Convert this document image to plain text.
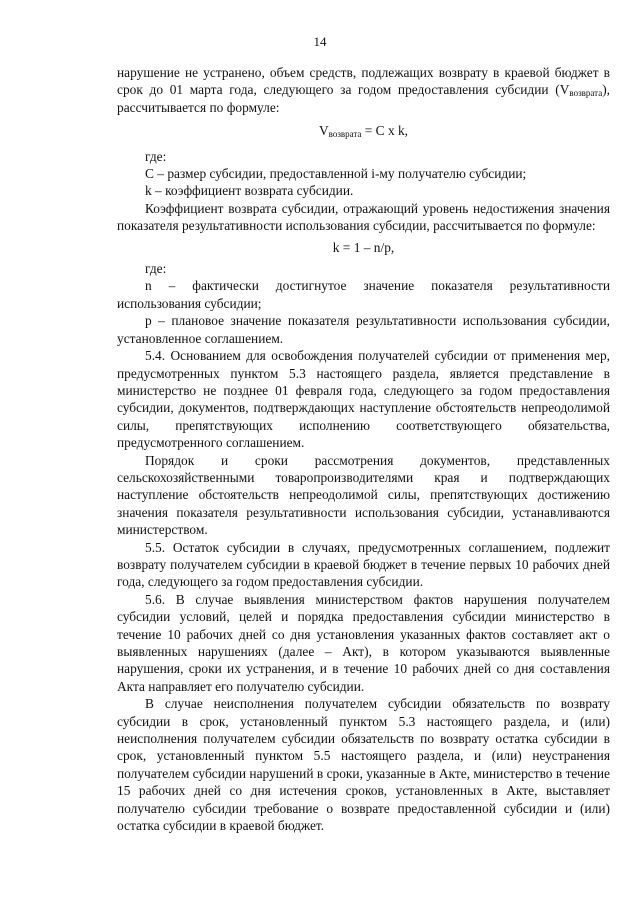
14

нарушение не устранено, объем средств, подлежащих возврату в краевой бюджет в срок до 01 марта года, следующего за годом предоставления субсидии $(V_{возврата})$, рассчитывается по формуле:

$V_{возврата} = C$ x k,

где:

С – размер субсидии, предоставленной i-му получателю субсидии;

k – коэффициент возврата субсидии.

Коэффициент возврата субсидии, отражающий уровень недостижения значения показателя результативности использования субсидии, рассчитывается по формуле:

k = 1 – n/p,

где:

n – фактически достигнутое значение показателя результативности использования субсидии;

p – плановое значение показателя результативности использования субсидии, установленное соглашением.

5.4. Основанием для освобождения получателей субсидии от применения мер, предусмотренных пунктом 5.3 настоящего раздела, является представление в министерство не позднее 01 февраля года, следующего за годом предоставления субсидии, документов, подтверждающих наступление обстоятельств непреодолимой силы, препятствующих исполнению соответствующего обязательства, предусмотренного соглашением.

Порядок и сроки рассмотрения документов, представленных сельскохозяйственными товаропроизводителями края и подтверждающих наступление обстоятельств непреодолимой силы, препятствующих достижению значения показателя результативности использования субсидии, устанавливаются министерством.

5.5. Остаток субсидии в случаях, предусмотренных соглашением, подлежит возврату получателем субсидии в краевой бюджет в течение первых 10 рабочих дней года, следующего за годом предоставления субсидии.

5.6. В случае выявления министерством фактов нарушения получателем субсидии условий, целей и порядка предоставления субсидии министерство в течение 10 рабочих дней со дня установления указанных фактов составляет акт о выявленных нарушениях (далее – Акт), в котором указываются выявленные нарушения, сроки их устранения, и в течение 10 рабочих дней со дня составления Акта направляет его получателю субсидии.

В случае неисполнения получателем субсидии обязательств по возврату субсидии в срок, установленный пунктом 5.3 настоящего раздела, и (или) неисполнения получателем субсидии обязательств по возврату остатка субсидии в срок, установленный пунктом 5.5 настоящего раздела, и (или) неустранения получателем субсидии нарушений в сроки, указанные в Акте, министерство в течение 15 рабочих дней со дня истечения сроков, установленных в Акте, выставляет получателю субсидии требование о возврате предоставленной субсидии и (или) остатка субсидии в краевой бюджет.
